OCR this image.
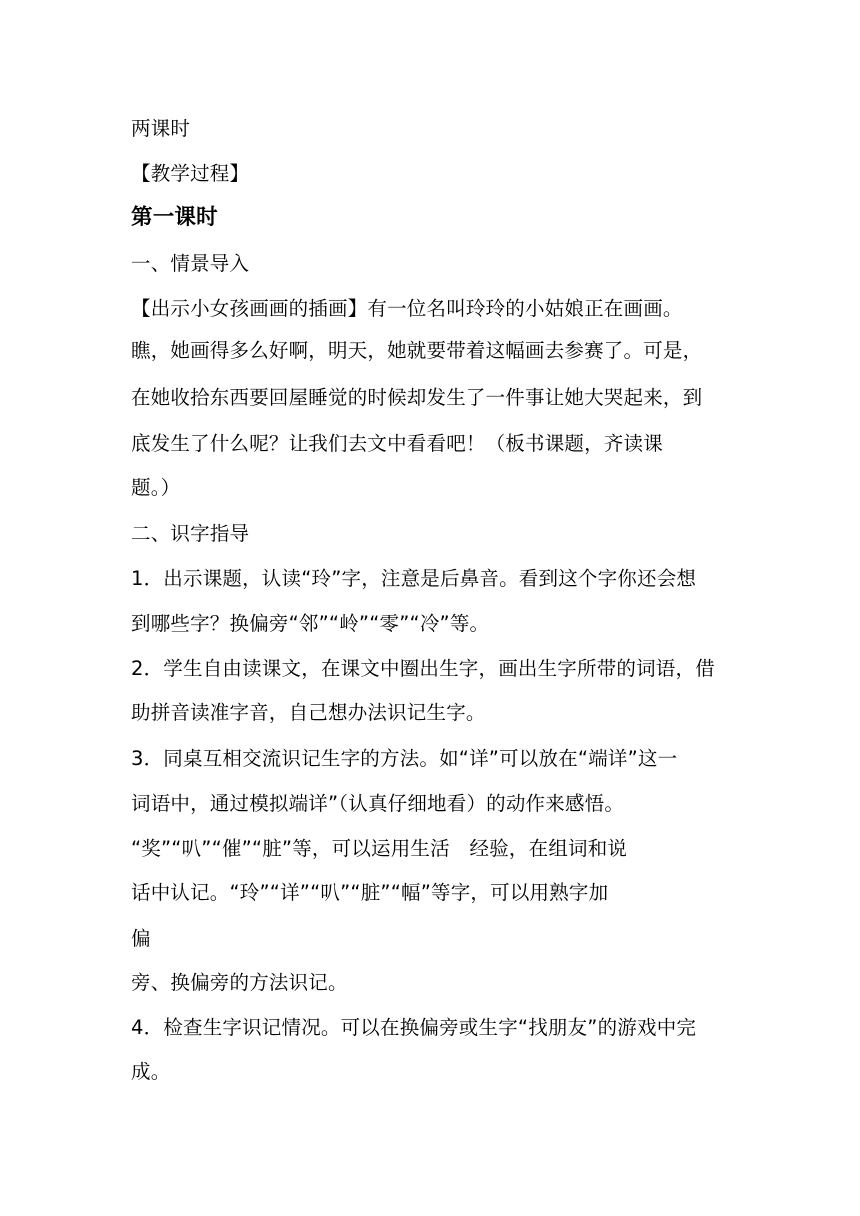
两课时
【教学过程】
第一课时
一、情景导入
【出示小女孩画画的插画】有一位名叫玲玲的小姑娘正在画画。
瞧，她画得多么好啊，明天，她就要带着这幅画去参赛了。可是，
在她收拾东西要回屋睡觉的时候却发生了一件事让她大哭起来，到
底发生了什么呢？让我们去文中看看吧！（板书课题，齐读课
题。）
二、识字指导
1．出示课题，认读“玲”字，注意是后鼻音。看到这个字你还会想
到哪些字？换偏旁“邻”“岭”“零”“冷”等。
2．学生自由读课文，在课文中圈出生字，画出生字所带的词语，借
助拼音读准字音，自己想办法识记生字。
3．同桌互相交流识记生字的方法。如“详”可以放在“端详”这一
词语中，通过模拟端详”（认真仔细地看）的动作来感悟。
“奖”“叭”“催”“脏”等，可以运用生活　经验，在组词和说
话中认记。“玲”“详”“叭”“脏”“幅”等字，可以用熟字加
偏
旁、换偏旁的方法识记。
4．检查生字识记情况。可以在换偏旁或生字“找朋友”的游戏中完
成。
